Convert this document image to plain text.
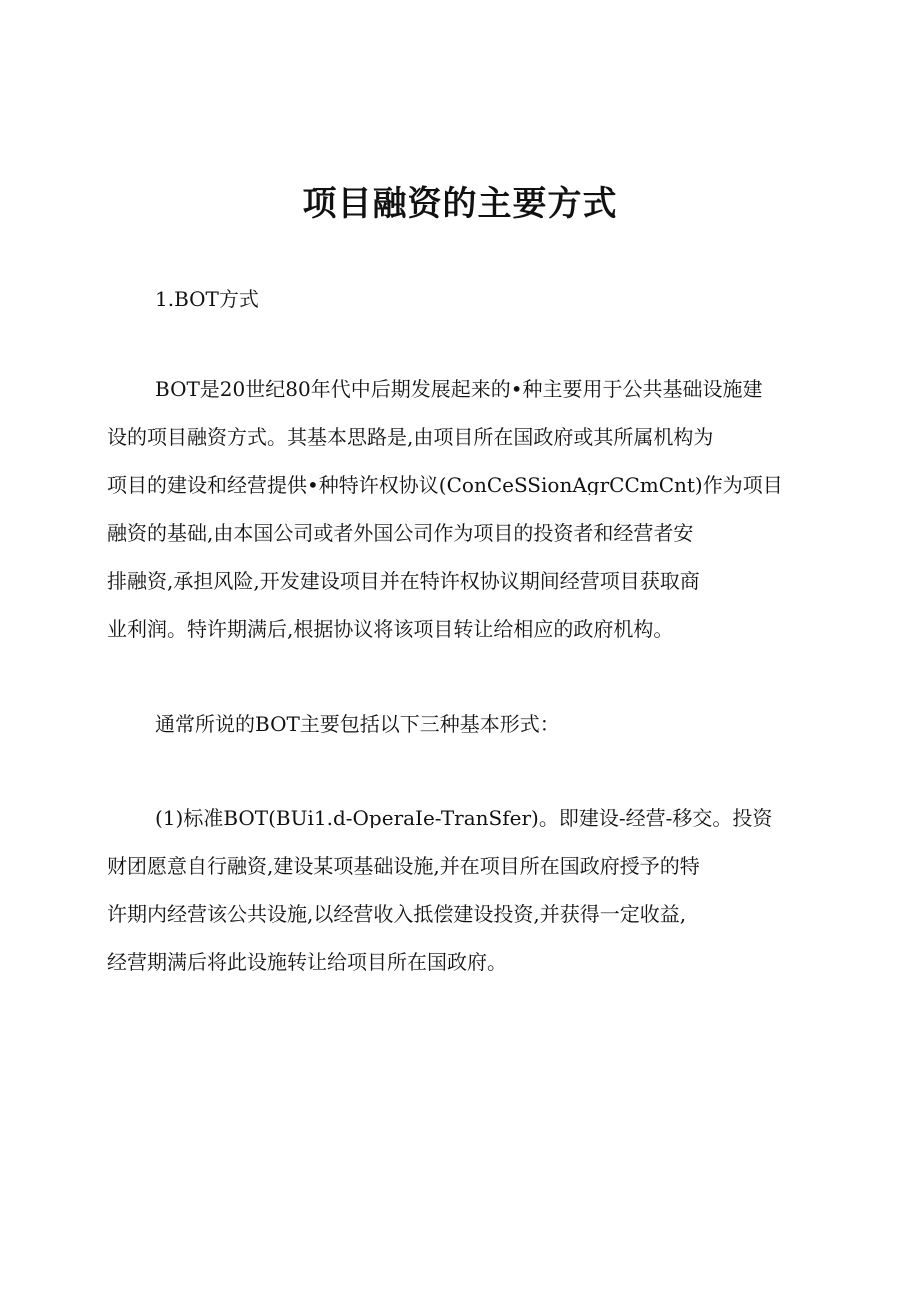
项目融资的主要方式
1.BOT方式
BOT是20世纪80年代中后期发展起来的•种主要用于公共基础设施建
设的项目融资方式。其基本思路是,由项目所在国政府或其所属机构为
项目的建设和经营提供•种特许权协议(ConCeSSionAgrCCmCnt)作为项目
融资的基础,由本国公司或者外国公司作为项目的投资者和经营者安
排融资,承担风险,开发建设项目并在特许权协议期间经营项目获取商
业利润。特许期满后,根据协议将该项目转让给相应的政府机构。
通常所说的BOT主要包括以下三种基本形式：
(1)标准BOT(BUi1.d-OperaIe-TranSfer)。即建设-经营-移交。投资
财团愿意自行融资,建设某项基础设施,并在项目所在国政府授予的特
许期内经营该公共设施,以经营收入抵偿建设投资,并获得一定收益,
经营期满后将此设施转让给项目所在国政府。
